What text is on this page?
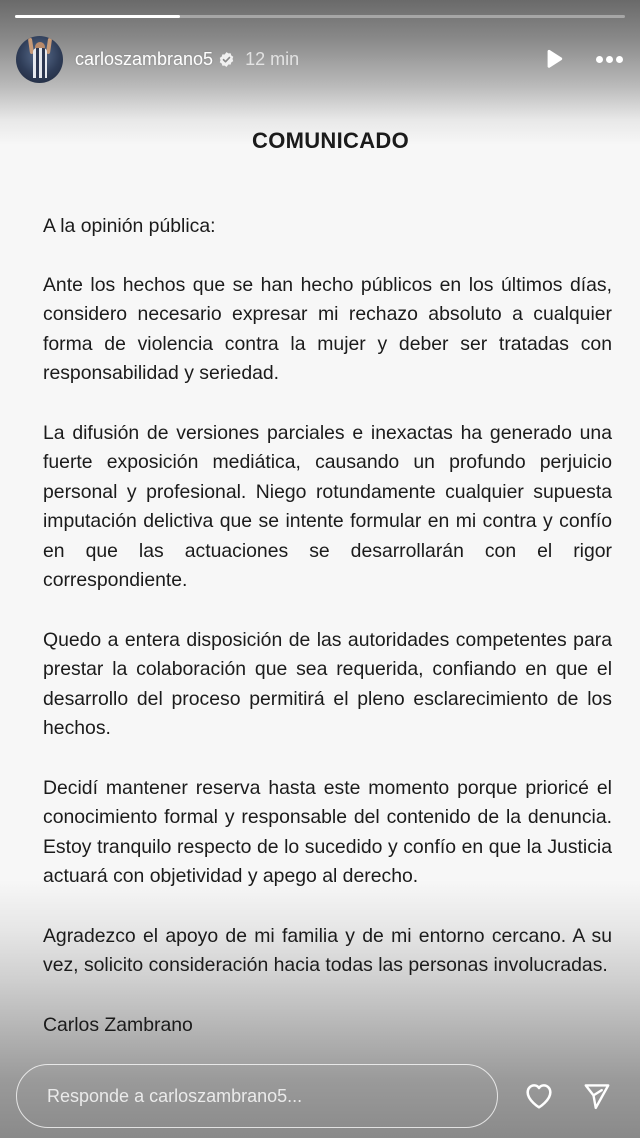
carloszambrano5 12 min
COMUNICADO

A la opinión pública:

Ante los hechos que se han hecho públicos en los últimos días, considero necesario expresar mi rechazo absoluto a cualquier forma de violencia contra la mujer y deber ser tratadas con responsabilidad y seriedad.

La difusión de versiones parciales e inexactas ha generado una fuerte exposición mediática, causando un profundo perjuicio personal y profesional. Niego rotundamente cualquier supuesta imputación delictiva que se intente formular en mi contra y confío en que las actuaciones se desarrollarán con el rigor correspondiente.

Quedo a entera disposición de las autoridades competentes para prestar la colaboración que sea requerida, confiando en que el desarrollo del proceso permitirá el pleno esclarecimiento de los hechos.

Decidí mantener reserva hasta este momento porque prioricé el conocimiento formal y responsable del contenido de la denuncia. Estoy tranquilo respecto de lo sucedido y confío en que la Justicia actuará con objetividad y apego al derecho.

Agradezco el apoyo de mi familia y de mi entorno cercano. A su vez, solicito consideración hacia todas las personas involucradas.

Carlos Zambrano

Responde a carloszambrano5...
